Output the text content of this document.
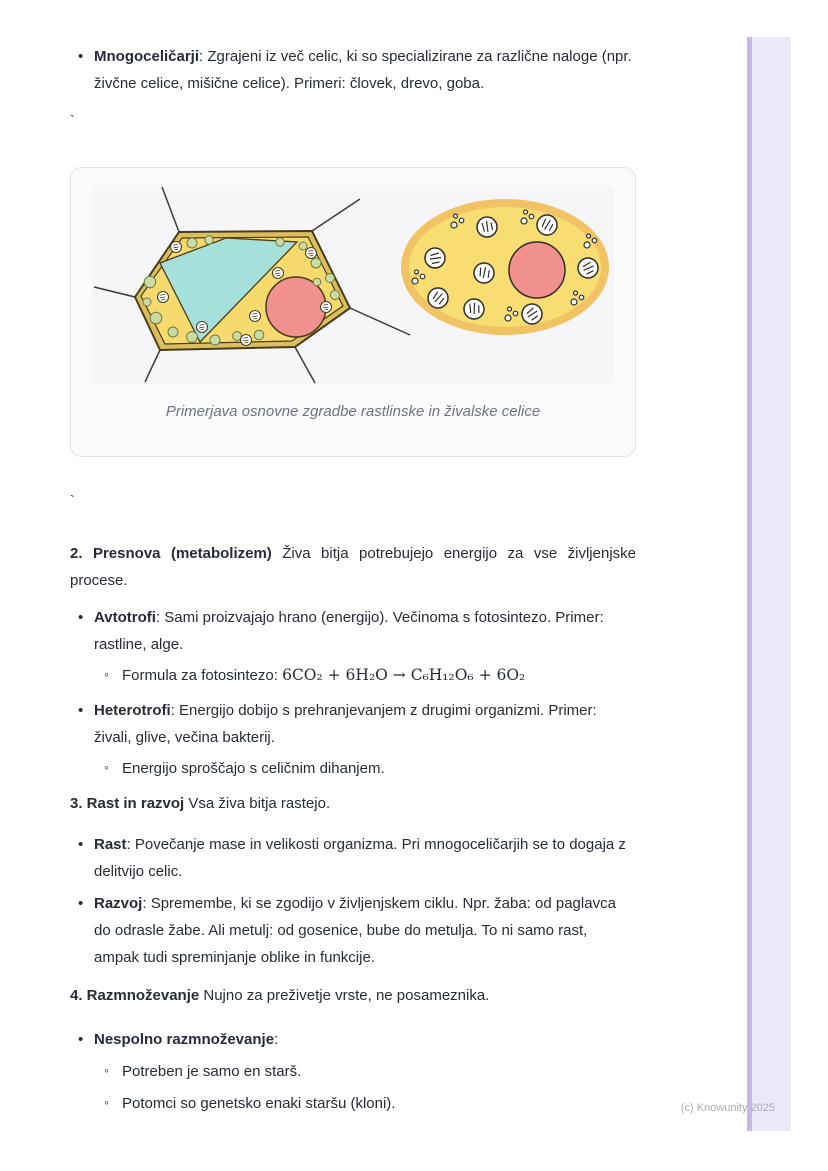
• Mnogoceličarji: Zgrajeni iz več celic, ki so specializirane za različne naloge (npr. živčne celice, mišične celice). Primeri: človek, drevo, goba.

`

Primerjava osnovne zgradbe rastlinske in živalske celice

`

2. Presnova (metabolizem) Živa bitja potrebujejo energijo za vse življenjske procese.

• Avtotrofi: Sami proizvajajo hrano (energijo). Večinoma s fotosintezo. Primer: rastline, alge.
◦ Formula za fotosintezo: 6CO₂ + 6H₂O → C₆H₁₂O₆ + 6O₂
• Heterotrofi: Energijo dobijo s prehranjevanjem z drugimi organizmi. Primer: živali, glive, večina bakterij.
◦ Energijo sproščajo s celičnim dihanjem.

3. Rast in razvoj Vsa živa bitja rastejo.

• Rast: Povečanje mase in velikosti organizma. Pri mnogoceličarjih se to dogaja z delitvijo celic.
• Razvoj: Spremembe, ki se zgodijo v življenjskem ciklu. Npr. žaba: od paglavca do odrasle žabe. Ali metulj: od gosenice, bube do metulja. To ni samo rast, ampak tudi spreminjanje oblike in funkcije.

4. Razmnoževanje Nujno za preživetje vrste, ne posameznika.

• Nespolno razmnoževanje:
◦ Potreben je samo en starš.
◦ Potomci so genetsko enaki staršu (kloni).	(c) Knowunity 2025
